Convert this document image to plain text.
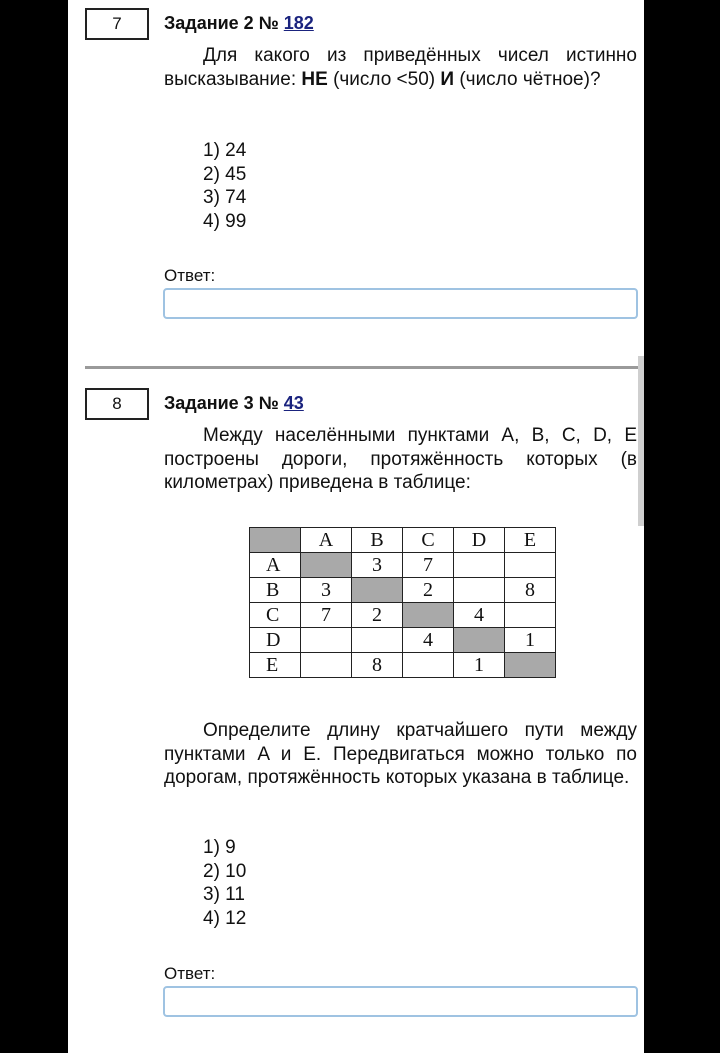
7 Задание 2 № 182
Для какого из приведённых чисел истинно высказывание: НЕ (число <50) И (число чётное)?
1) 24
2) 45
3) 74
4) 99
Ответ:
8 Задание 3 № 43
Между населёнными пунктами A, B, C, D, E построены дороги, протяжённость которых (в километрах) приведена в таблице:
	A	B	C	D	E
A		3	7		
B	3		2		8
C	7	2		4	
D			4		1
E		8		1	
Определите длину кратчайшего пути между пунктами A и E. Передвигаться можно только по дорогам, протяжённость которых указана в таблице.
1) 9
2) 10
3) 11
4) 12
Ответ:
